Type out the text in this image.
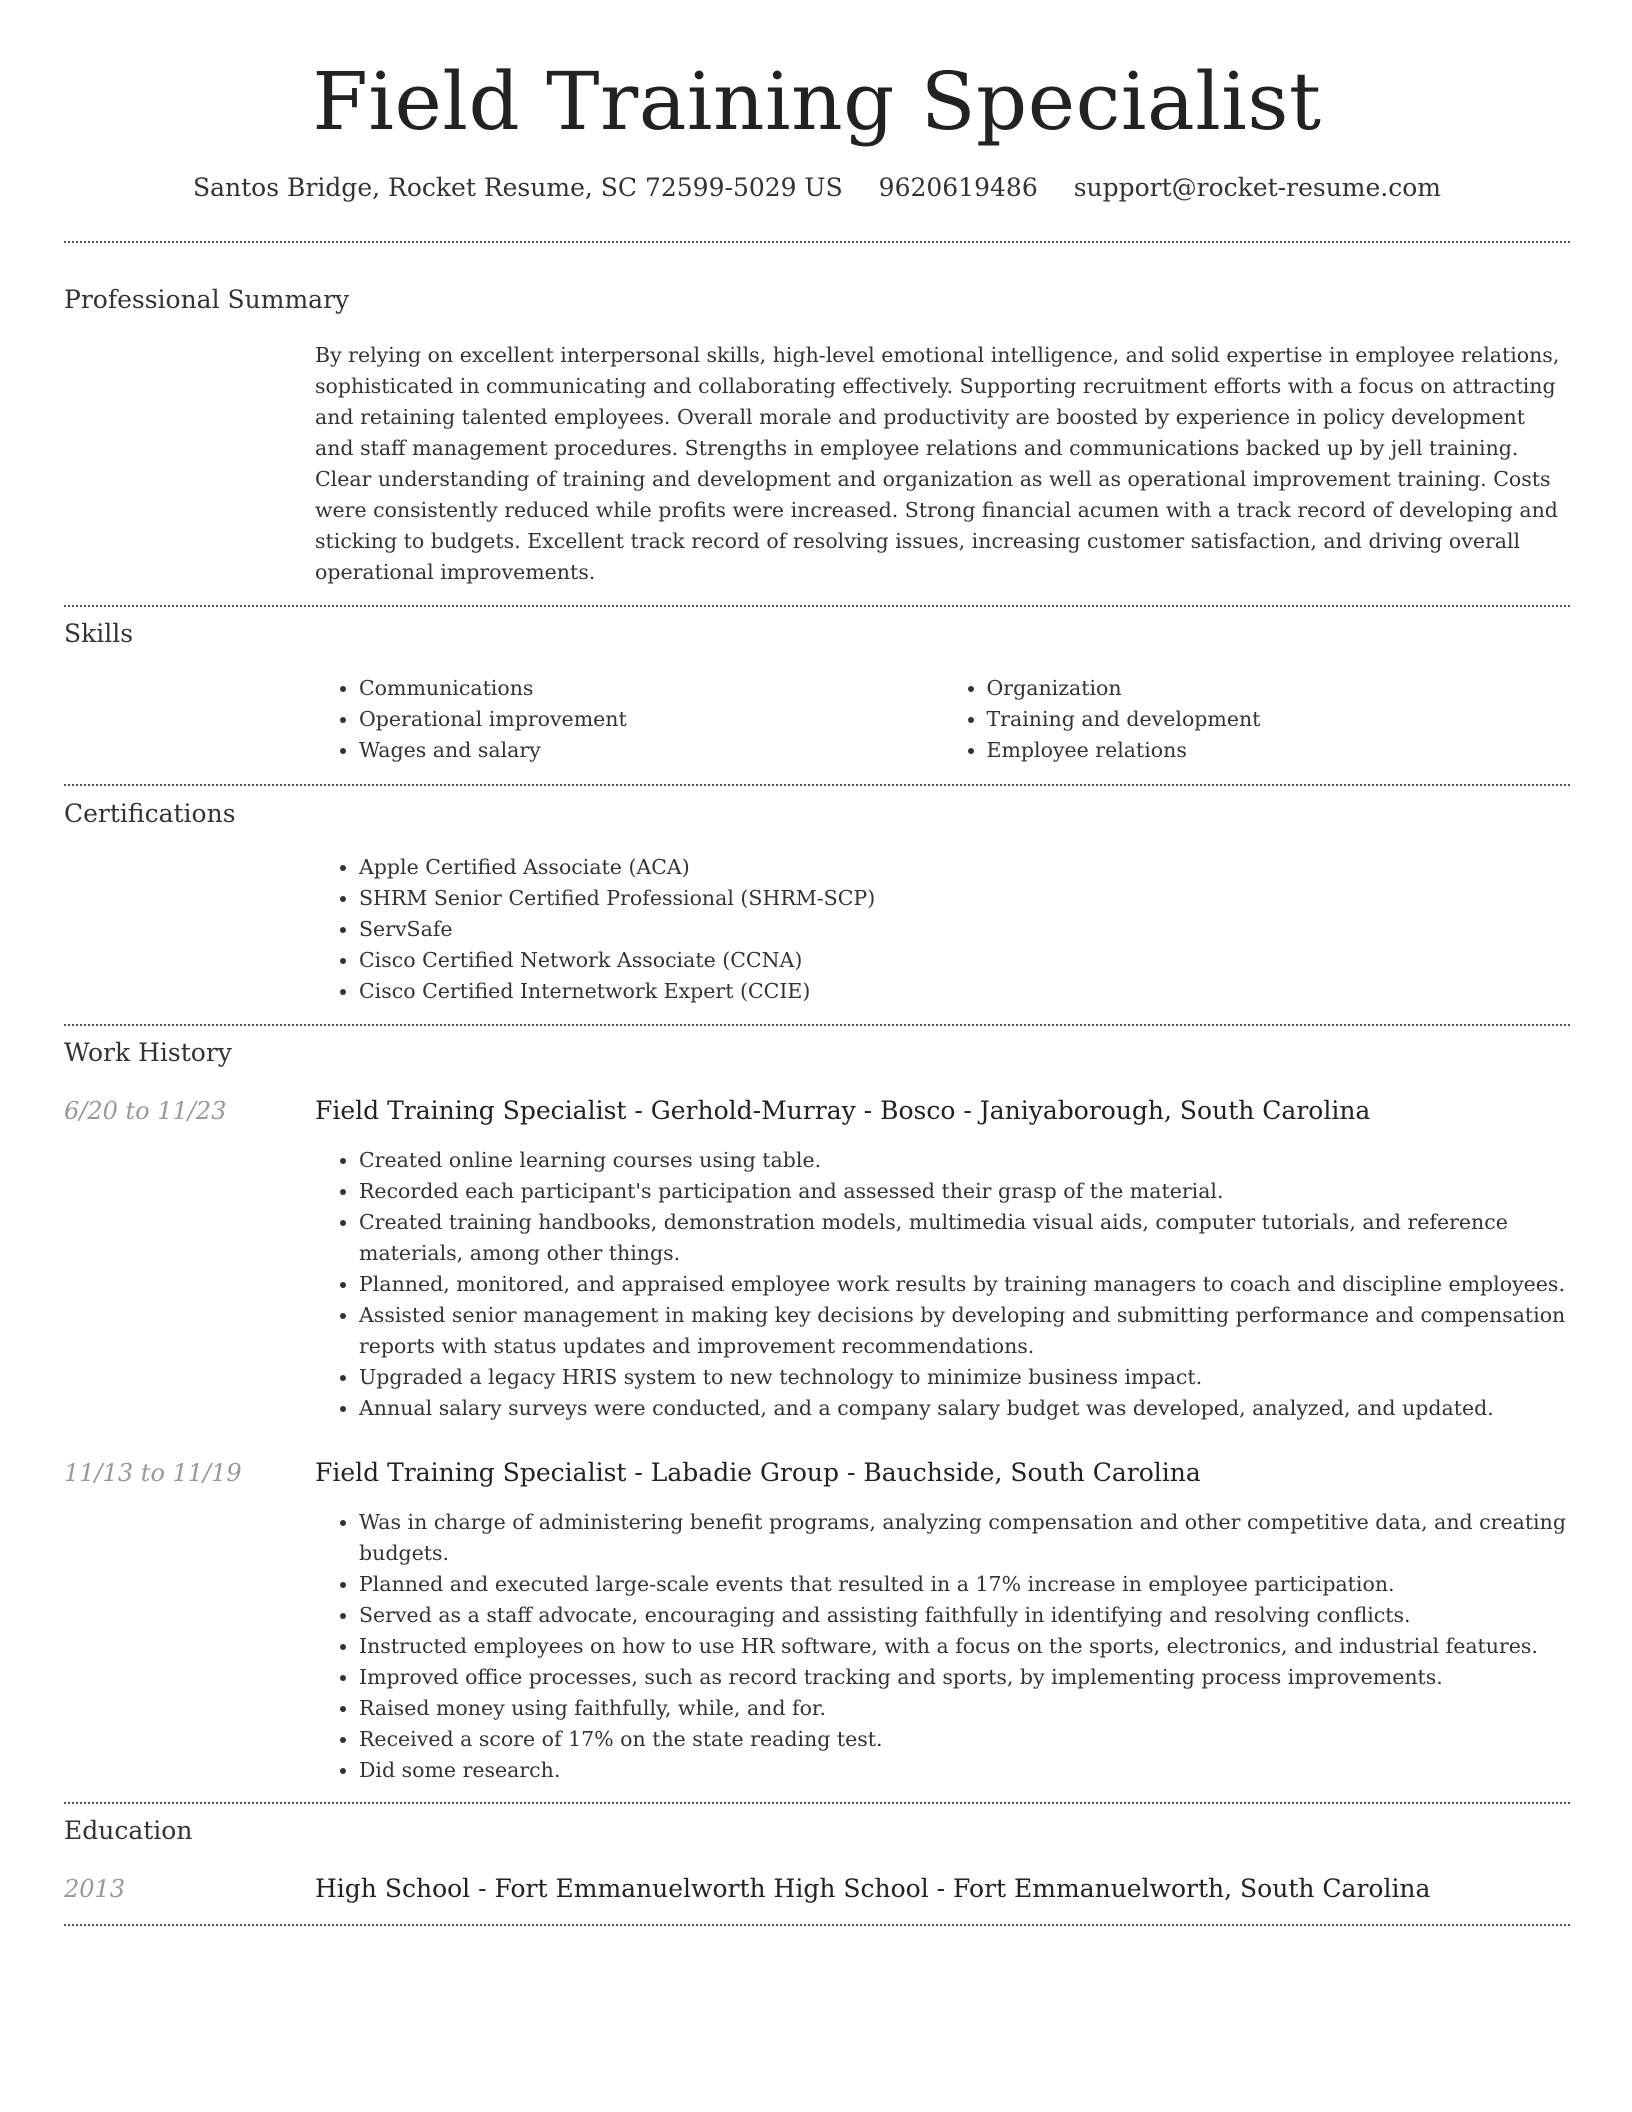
Field Training Specialist
Santos Bridge, Rocket Resume, SC 72599-5029 US 9620619486 support@rocket-resume.com
Professional Summary

By relying on excellent interpersonal skills, high-level emotional intelligence, and solid expertise in employee relations, sophisticated in communicating and collaborating effectively. Supporting recruitment efforts with a focus on attracting and retaining talented employees. Overall morale and productivity are boosted by experience in policy development and staff management procedures. Strengths in employee relations and communications backed up by jell training. Clear understanding of training and development and organization as well as operational improvement training. Costs were consistently reduced while profits were increased. Strong financial acumen with a track record of developing and sticking to budgets. Excellent track record of resolving issues, increasing customer satisfaction, and driving overall operational improvements.

Skills
• Communications
• Operational improvement
• Wages and salary
• Organization
• Training and development
• Employee relations
Certifications
• Apple Certified Associate (ACA)
• SHRM Senior Certified Professional (SHRM-SCP)
• ServSafe
• Cisco Certified Network Associate (CCNA)
• Cisco Certified Internetwork Expert (CCIE)
Work History
6/20 to 11/23	Field Training Specialist - Gerhold-Murray - Bosco - Janiyaborough, South Carolina
• Created online learning courses using table.
• Recorded each participant's participation and assessed their grasp of the material.
• Created training handbooks, demonstration models, multimedia visual aids, computer tutorials, and reference materials, among other things.
• Planned, monitored, and appraised employee work results by training managers to coach and discipline employees.
• Assisted senior management in making key decisions by developing and submitting performance and compensation reports with status updates and improvement recommendations.
• Upgraded a legacy HRIS system to new technology to minimize business impact.
• Annual salary surveys were conducted, and a company salary budget was developed, analyzed, and updated.
11/13 to 11/19	Field Training Specialist - Labadie Group - Bauchside, South Carolina
• Was in charge of administering benefit programs, analyzing compensation and other competitive data, and creating budgets.
• Planned and executed large-scale events that resulted in a 17% increase in employee participation.
• Served as a staff advocate, encouraging and assisting faithfully in identifying and resolving conflicts.
• Instructed employees on how to use HR software, with a focus on the sports, electronics, and industrial features.
• Improved office processes, such as record tracking and sports, by implementing process improvements.
• Raised money using faithfully, while, and for.
• Received a score of 17% on the state reading test.
• Did some research.
Education
2013	High School - Fort Emmanuelworth High School - Fort Emmanuelworth, South Carolina
